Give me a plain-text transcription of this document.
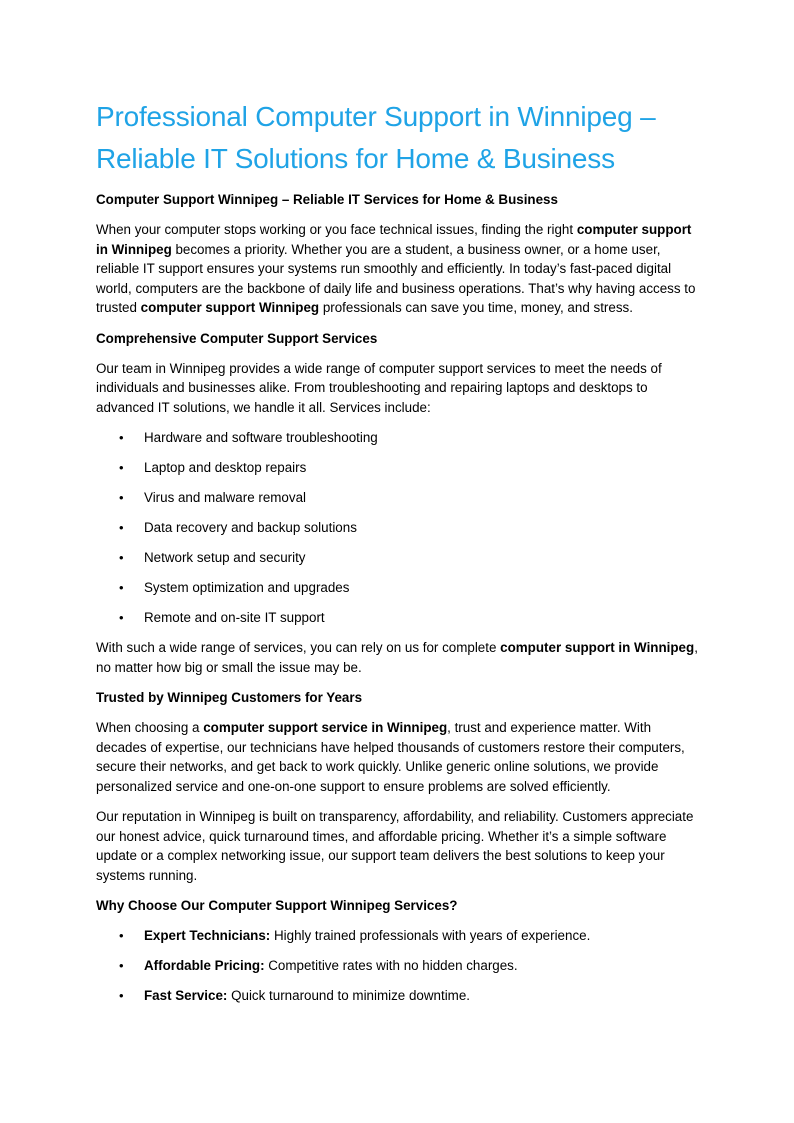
Professional Computer Support in Winnipeg – Reliable IT Solutions for Home & Business
Computer Support Winnipeg – Reliable IT Services for Home & Business

When your computer stops working or you face technical issues, finding the right computer support in Winnipeg becomes a priority. Whether you are a student, a business owner, or a home user, reliable IT support ensures your systems run smoothly and efficiently. In today’s fast-paced digital world, computers are the backbone of daily life and business operations. That’s why having access to trusted computer support Winnipeg professionals can save you time, money, and stress.

Comprehensive Computer Support Services

Our team in Winnipeg provides a wide range of computer support services to meet the needs of individuals and businesses alike. From troubleshooting and repairing laptops and desktops to advanced IT solutions, we handle it all. Services include:

• Hardware and software troubleshooting
• Laptop and desktop repairs
• Virus and malware removal
• Data recovery and backup solutions
• Network setup and security
• System optimization and upgrades
• Remote and on-site IT support

With such a wide range of services, you can rely on us for complete computer support in Winnipeg, no matter how big or small the issue may be.

Trusted by Winnipeg Customers for Years

When choosing a computer support service in Winnipeg, trust and experience matter. With decades of expertise, our technicians have helped thousands of customers restore their computers, secure their networks, and get back to work quickly. Unlike generic online solutions, we provide personalized service and one-on-one support to ensure problems are solved efficiently.

Our reputation in Winnipeg is built on transparency, affordability, and reliability. Customers appreciate our honest advice, quick turnaround times, and affordable pricing. Whether it’s a simple software update or a complex networking issue, our support team delivers the best solutions to keep your systems running.

Why Choose Our Computer Support Winnipeg Services?
• Expert Technicians: Highly trained professionals with years of experience.
• Affordable Pricing: Competitive rates with no hidden charges.
• Fast Service: Quick turnaround to minimize downtime.
